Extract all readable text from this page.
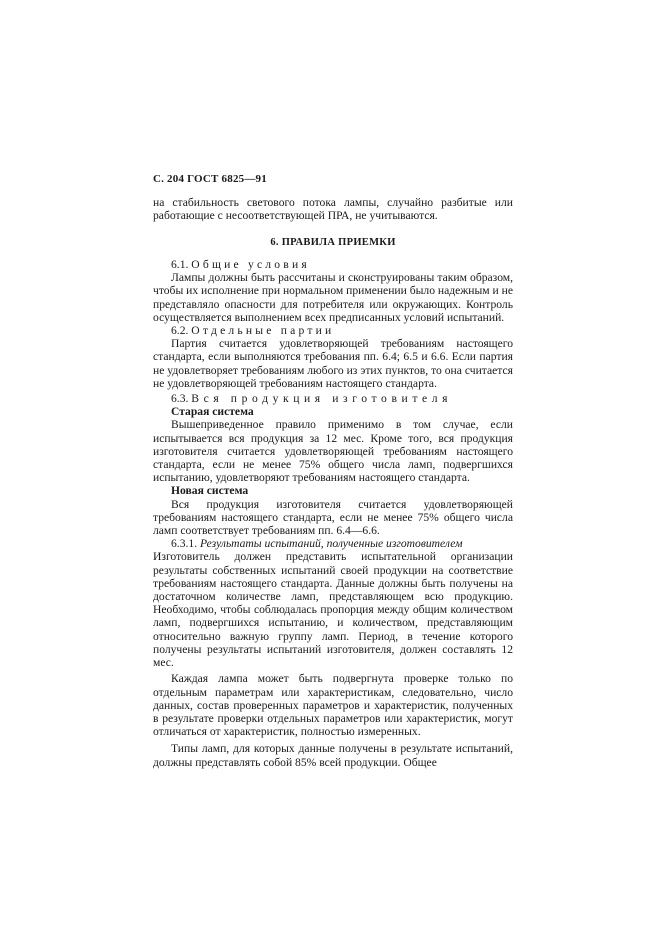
С. 204 ГОСТ 6825—91

на стабильность светового потока лампы, случайно разбитые или

работающие с несоответствующей ПРА, не учитываются.

6. ПРАВИЛА ПРИЕМКИ

6.1. Общие условия

Лампы должны быть рассчитаны и сконструированы таким образом, чтобы их исполнение при нормальном применении было надежным и не представляло опасности для потребителя или окружающих. Контроль осуществляется выполнением всех предписанных условий испытаний.

6.2. Отдельные партии

Партия считается удовлетворяющей требованиям настоящего стандарта, если выполняются требования пп. 6.4; 6.5 и 6.6. Если партия не удовлетворяет требованиям любого из этих пунктов, то она считается не удовлетворяющей требованиям настоящего стандарта.

6.3. Вся продукция изготовителя

Старая система

Вышеприведенное правило применимо в том случае, если испытывается вся продукция за 12 мес. Кроме того, вся продукция изготовителя считается удовлетворяющей требованиям настоящего стандарта, если не менее 75% общего числа ламп, подвергшихся испытанию, удовлетворяют требованиям настоящего стандарта.

Новая система

Вся продукция изготовителя считается удовлетворяющей требованиям настоящего стандарта, если не менее 75% общего числа ламп соответствует требованиям пп. 6.4—6.6.

6.3.1. Результаты испытаний, полученные изготовителем

Изготовитель должен представить испытательной организации результаты собственных испытаний своей продукции на соответствие требованиям настоящего стандарта. Данные должны быть получены на достаточном количестве ламп, представляющем всю продукцию. Необходимо, чтобы соблюдалась пропорция между общим количеством ламп, подвергшихся испытанию, и количеством, представляющим относительно важную группу ламп. Период, в течение которого получены результаты испытаний изготовителя, должен составлять 12 мес.

Каждая лампа может быть подвергнута проверке только по отдельным параметрам или характеристикам, следовательно, число данных, состав проверенных параметров и характеристик, полученных в результате проверки отдельных параметров или характеристик, могут отличаться от характеристик, полностью измеренных.

Типы ламп, для которых данные получены в результате испытаний, должны представлять собой 85% всей продукции. Общее
